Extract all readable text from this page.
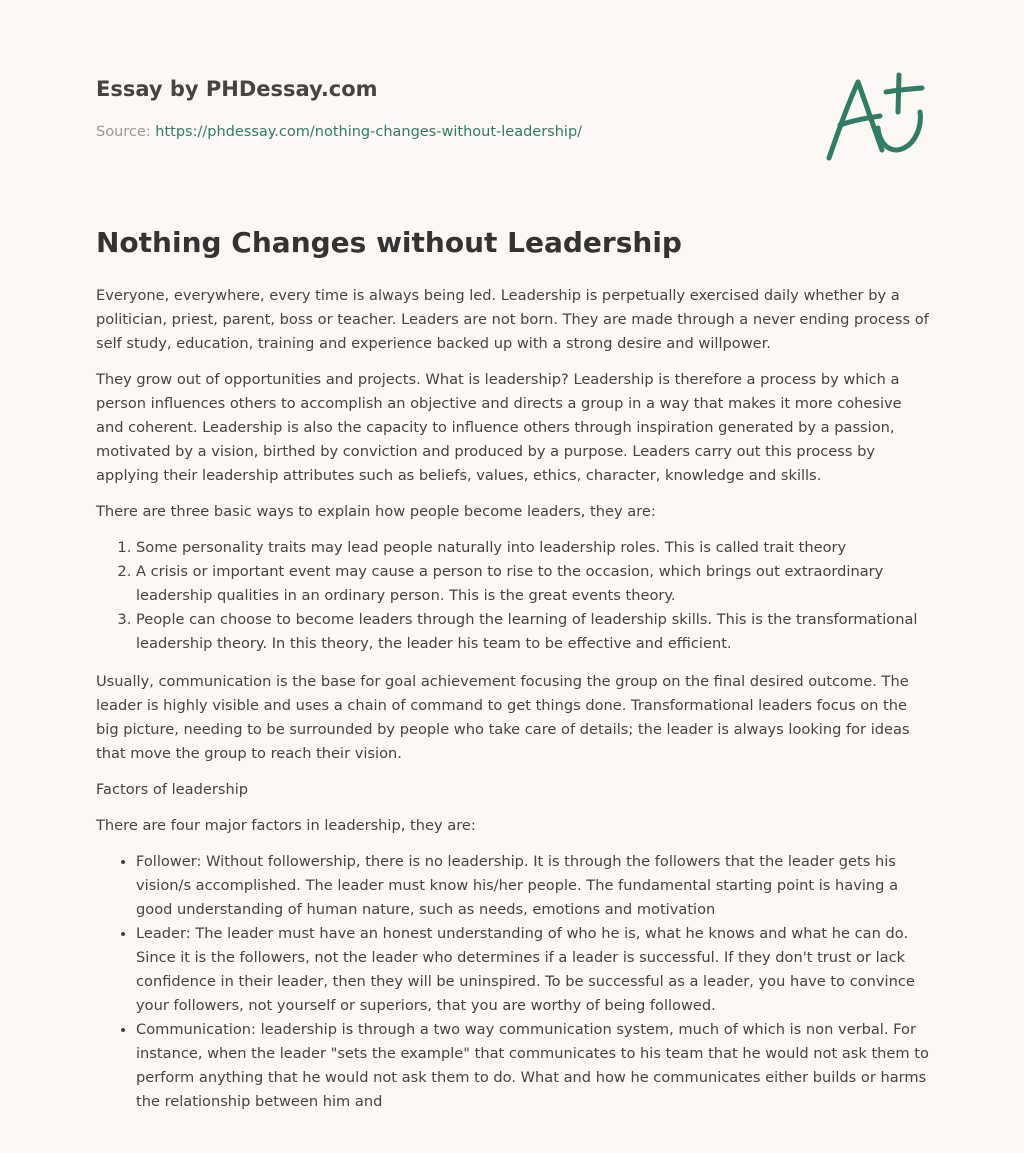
Essay by PHDessay.com

Source: https://phdessay.com/nothing-changes-without-leadership/

Nothing Changes without Leadership

Everyone, everywhere, every time is always being led. Leadership is perpetually exercised daily whether by a politician, priest, parent, boss or teacher. Leaders are not born. They are made through a never ending process of self study, education, training and experience backed up with a strong desire and willpower.

They grow out of opportunities and projects. What is leadership? Leadership is therefore a process by which a person influences others to accomplish an objective and directs a group in a way that makes it more cohesive and coherent. Leadership is also the capacity to influence others through inspiration generated by a passion, motivated by a vision, birthed by conviction and produced by a purpose. Leaders carry out this process by applying their leadership attributes such as beliefs, values, ethics, character, knowledge and skills.

There are three basic ways to explain how people become leaders, they are:

1. Some personality traits may lead people naturally into leadership roles. This is called trait theory
2. A crisis or important event may cause a person to rise to the occasion, which brings out extraordinary leadership qualities in an ordinary person. This is the great events theory.
3. People can choose to become leaders through the learning of leadership skills. This is the transformational leadership theory. In this theory, the leader his team to be effective and efficient.

Usually, communication is the base for goal achievement focusing the group on the final desired outcome. The leader is highly visible and uses a chain of command to get things done. Transformational leaders focus on the big picture, needing to be surrounded by people who take care of details; the leader is always looking for ideas that move the group to reach their vision.

Factors of leadership

There are four major factors in leadership, they are:

• Follower: Without followership, there is no leadership. It is through the followers that the leader gets his vision/s accomplished. The leader must know his/her people. The fundamental starting point is having a good understanding of human nature, such as needs, emotions and motivation
• Leader: The leader must have an honest understanding of who he is, what he knows and what he can do. Since it is the followers, not the leader who determines if a leader is successful. If they don't trust or lack confidence in their leader, then they will be uninspired. To be successful as a leader, you have to convince your followers, not yourself or superiors, that you are worthy of being followed.
• Communication: leadership is through a two way communication system, much of which is non verbal. For instance, when the leader "sets the example" that communicates to his team that he would not ask them to perform anything that he would not ask them to do. What and how he communicates either builds or harms the relationship between him and
